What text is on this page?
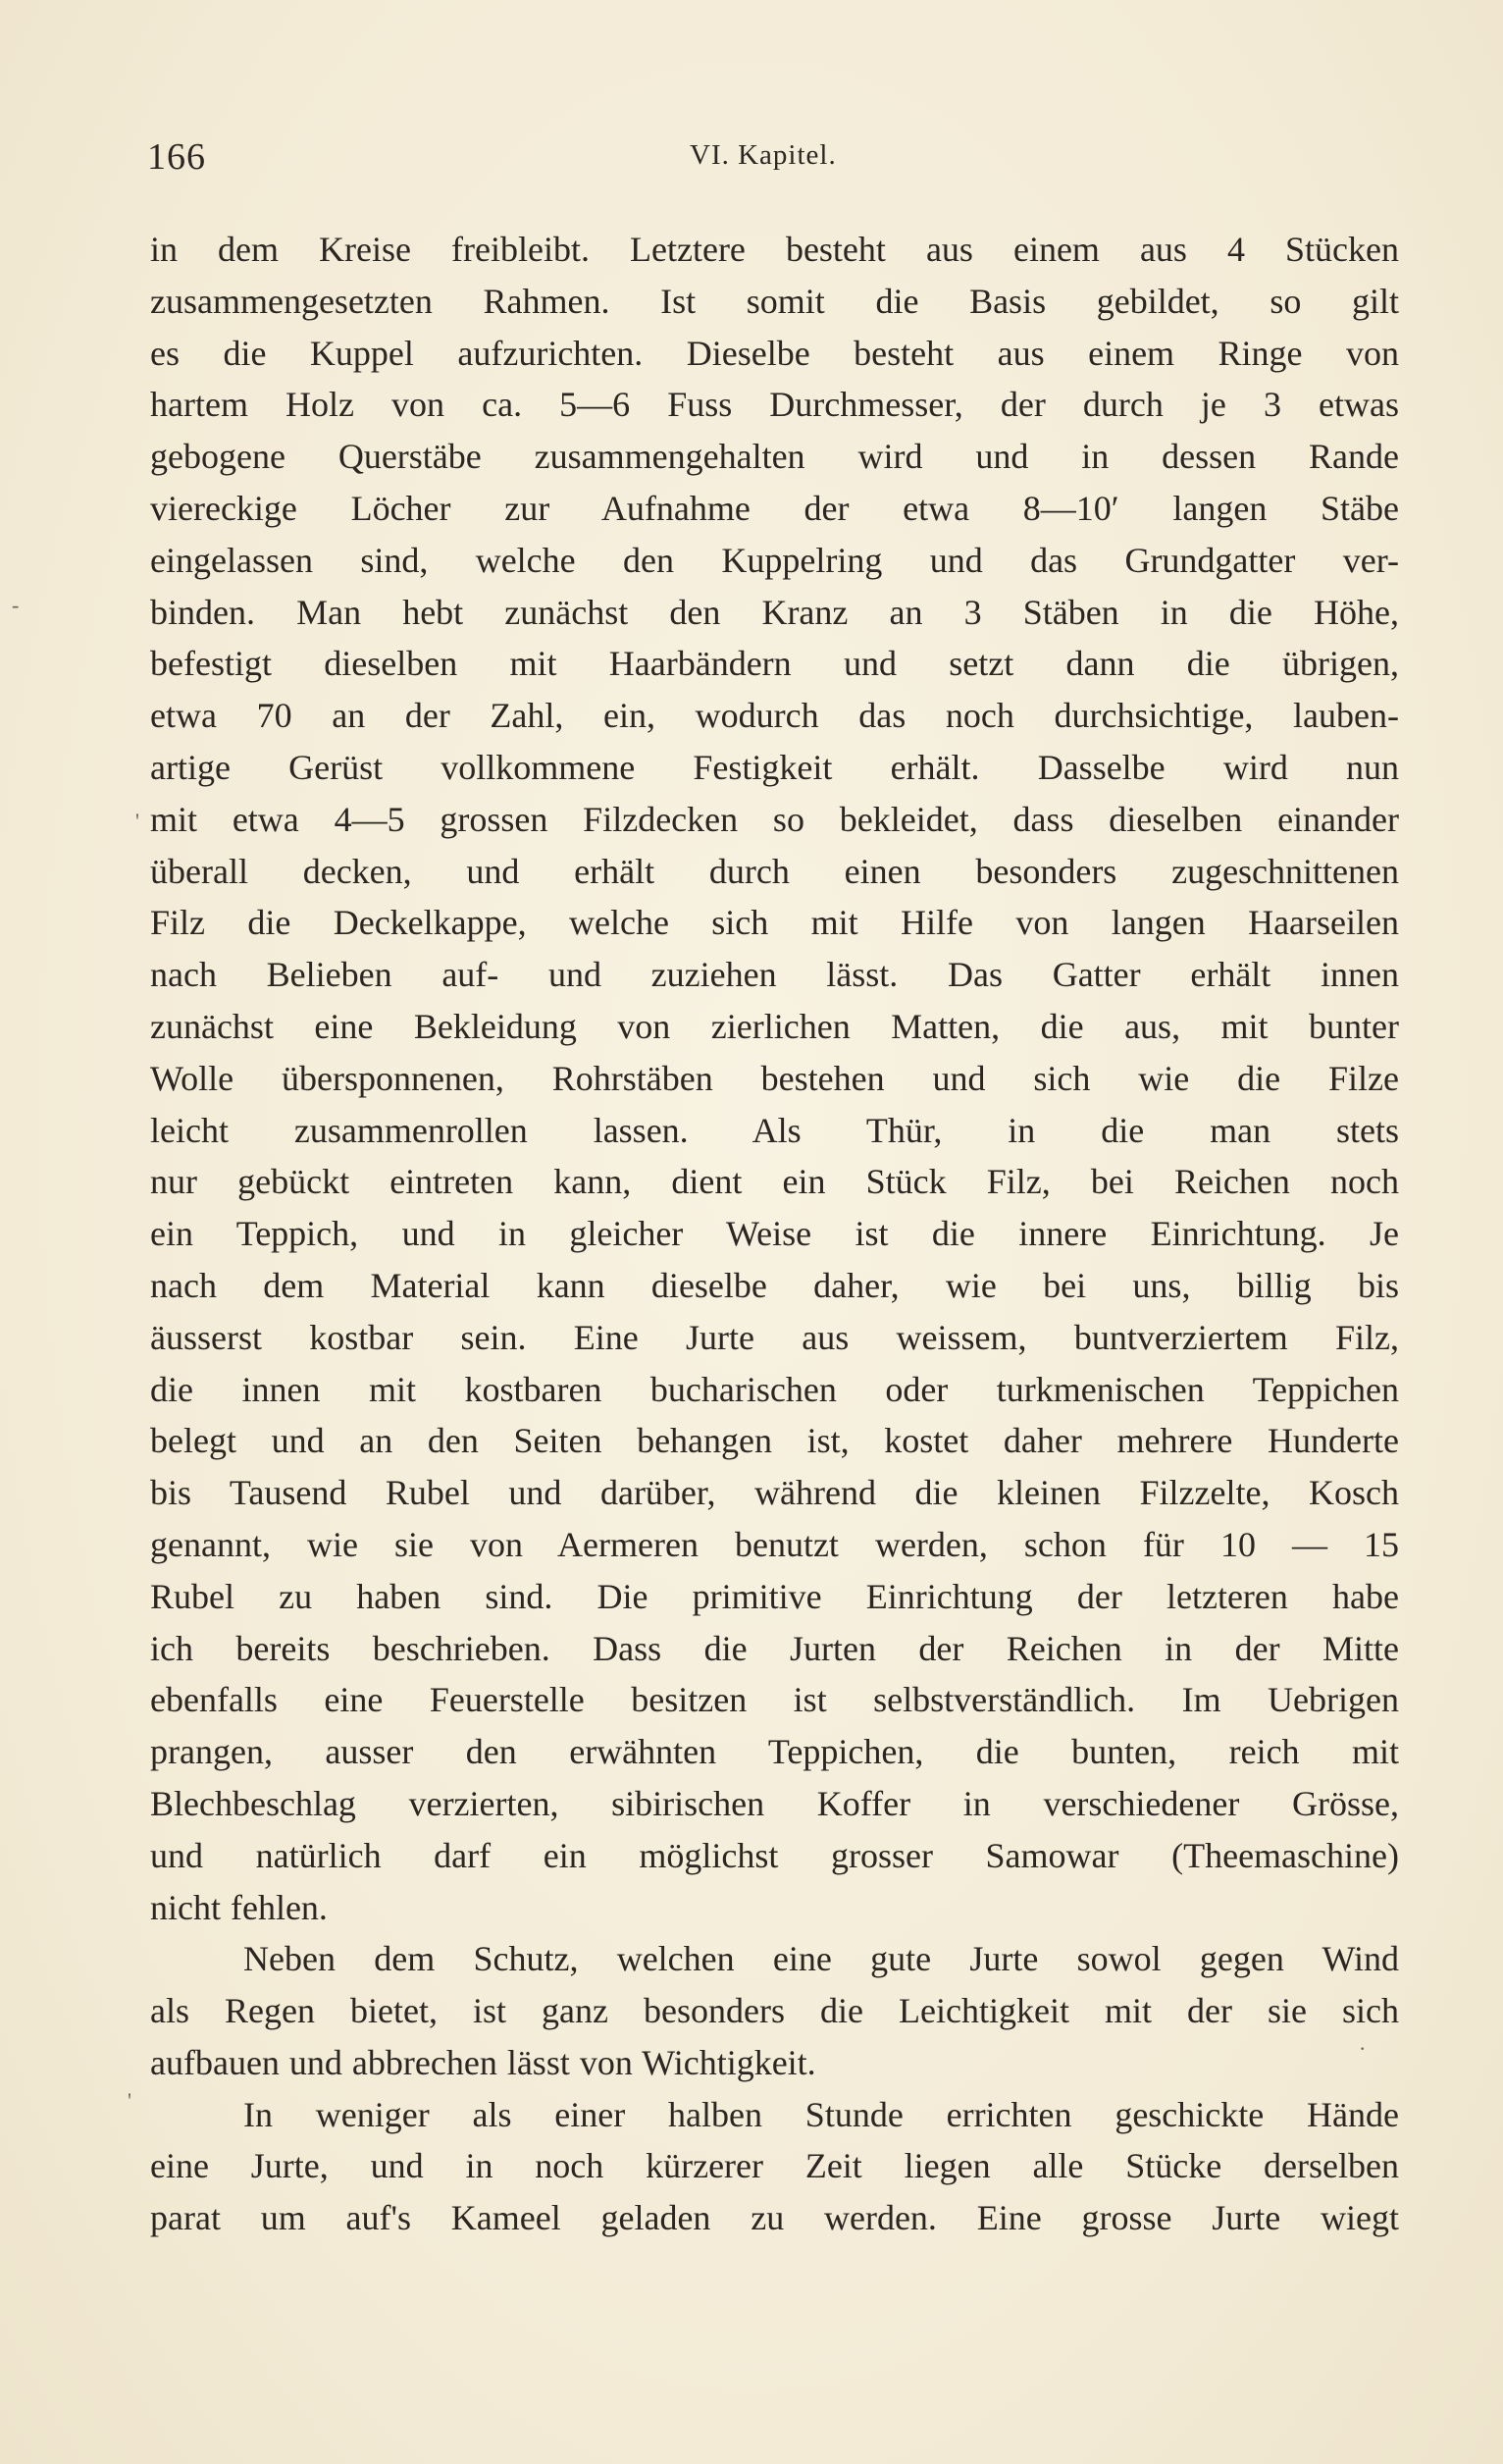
166	VI. Kapitel.
-
'
·
'
in dem Kreise freibleibt. Letztere besteht aus einem aus 4 Stücken
zusammengesetzten Rahmen. Ist somit die Basis gebildet, so gilt
es die Kuppel aufzurichten. Dieselbe besteht aus einem Ringe von
hartem Holz von ca. 5—6 Fuss Durchmesser, der durch je 3 etwas
gebogene Querstäbe zusammengehalten wird und in dessen Rande
viereckige Löcher zur Aufnahme der etwa 8—10′ langen Stäbe
eingelassen sind, welche den Kuppelring und das Grundgatter ver-
binden. Man hebt zunächst den Kranz an 3 Stäben in die Höhe,
befestigt dieselben mit Haarbändern und setzt dann die übrigen,
etwa 70 an der Zahl, ein, wodurch das noch durchsichtige, lauben-
artige Gerüst vollkommene Festigkeit erhält. Dasselbe wird nun
mit etwa 4—5 grossen Filzdecken so bekleidet, dass dieselben einander
überall decken, und erhält durch einen besonders zugeschnittenen
Filz die Deckelkappe, welche sich mit Hilfe von langen Haarseilen
nach Belieben auf- und zuziehen lässt. Das Gatter erhält innen
zunächst eine Bekleidung von zierlichen Matten, die aus, mit bunter
Wolle übersponnenen, Rohrstäben bestehen und sich wie die Filze
leicht zusammenrollen lassen. Als Thür, in die man stets
nur gebückt eintreten kann, dient ein Stück Filz, bei Reichen noch
ein Teppich, und in gleicher Weise ist die innere Einrichtung. Je
nach dem Material kann dieselbe daher, wie bei uns, billig bis
äusserst kostbar sein. Eine Jurte aus weissem, buntverziertem Filz,
die innen mit kostbaren bucharischen oder turkmenischen Teppichen
belegt und an den Seiten behangen ist, kostet daher mehrere Hunderte
bis Tausend Rubel und darüber, während die kleinen Filzzelte, Kosch
genannt, wie sie von Aermeren benutzt werden, schon für 10 — 15
Rubel zu haben sind. Die primitive Einrichtung der letzteren habe
ich bereits beschrieben. Dass die Jurten der Reichen in der Mitte
ebenfalls eine Feuerstelle besitzen ist selbstverständlich. Im Uebrigen
prangen, ausser den erwähnten Teppichen, die bunten, reich mit
Blechbeschlag verzierten, sibirischen Koffer in verschiedener Grösse,
und natürlich darf ein möglichst grosser Samowar (Theemaschine)
nicht fehlen.
Neben dem Schutz, welchen eine gute Jurte sowol gegen Wind
als Regen bietet, ist ganz besonders die Leichtigkeit mit der sie sich
aufbauen und abbrechen lässt von Wichtigkeit.
In weniger als einer halben Stunde errichten geschickte Hände
eine Jurte, und in noch kürzerer Zeit liegen alle Stücke derselben
parat um auf's Kameel geladen zu werden. Eine grosse Jurte wiegt
